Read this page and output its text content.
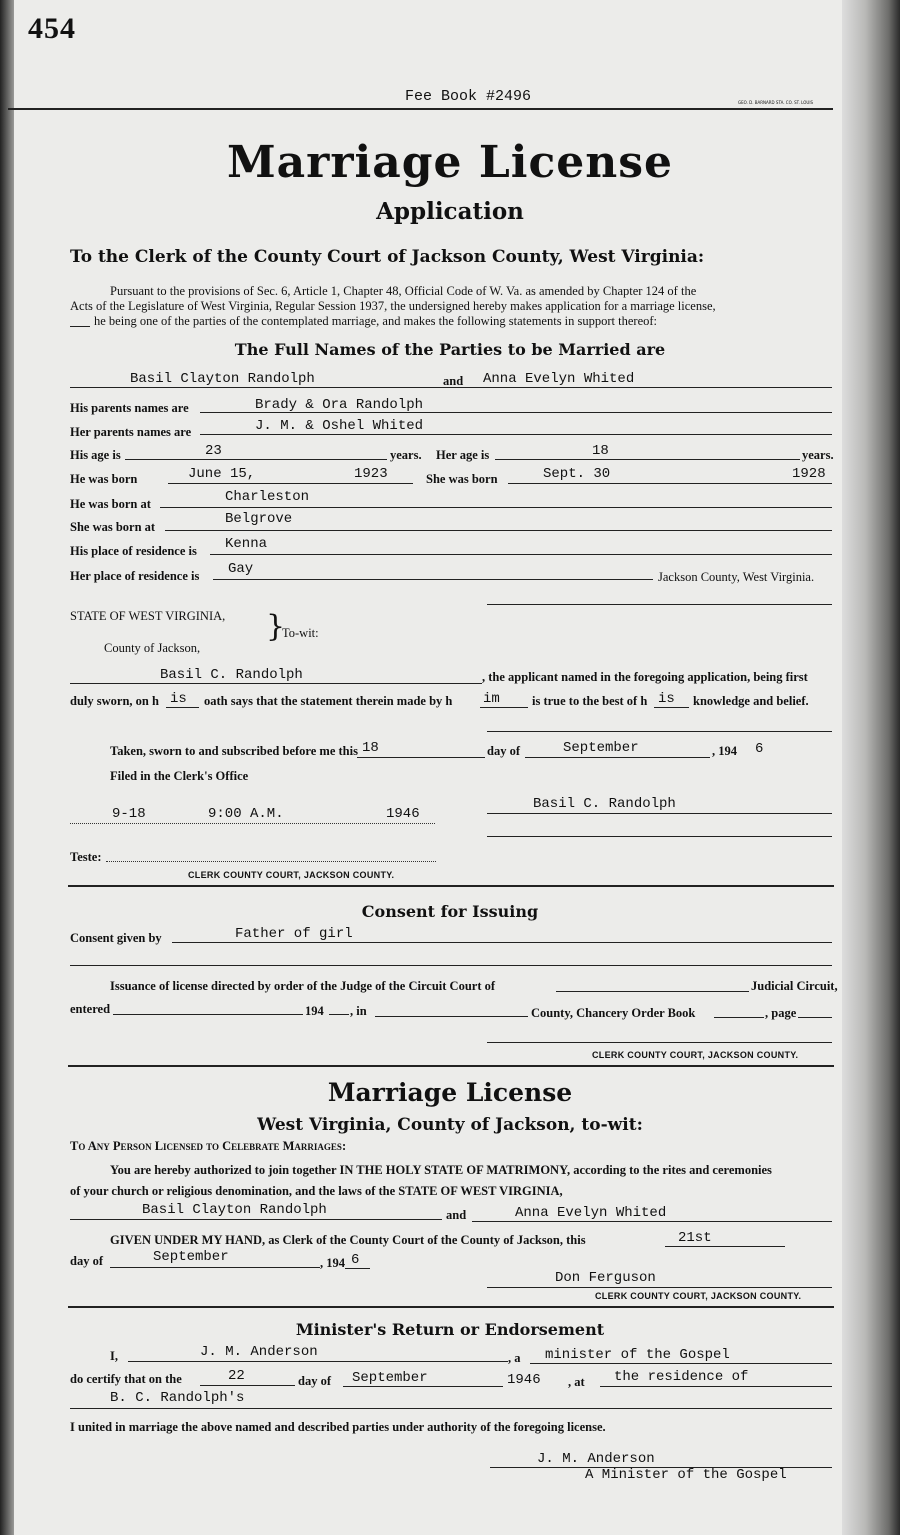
454
Fee Book #2496	GEO. D. BARNARD STA. CO. ST. LOUIS
Marriage License
Application
To the Clerk of the County Court of Jackson County, West Virginia:
Pursuant to the provisions of Sec. 6, Article 1, Chapter 48, Official Code of W. Va. as amended by Chapter 124 of the
Acts of the Legislature of West Virginia, Regular Session 1937, the undersigned hereby makes application for a marriage license,
he being one of the parties of the contemplated marriage, and makes the following statements in support thereof:
The Full Names of the Parties to be Married are
Basil Clayton Randolph	and Anna Evelyn Whited
His parents names are	Brady & Ora Randolph
Her parents names are	J. M. & Oshel Whited
His age is	23	years. Her age is	18	years.
He was born	June 15,	1923	She was born	Sept. 30	1928
He was born at	Charleston
She was born at	Belgrove
His place of residence is Kenna
Her place of residence is Gay	Jackson County, West Virginia.
STATE OF WEST VIRGINIA,
County of Jackson,
}
To-wit:
Basil C. Randolph	, the applicant named in the foregoing application, being first
duly sworn, on h is oath says that the statement therein made by h im	is true to the best of h is knowledge and belief.
Taken, sworn to and subscribed before me this 18	day of	September	, 194 6
Filed in the Clerk's Office
9-18	9:00 A.M.	1946
Basil C. Randolph
Teste:
CLERK COUNTY COURT, JACKSON COUNTY.
Consent for Issuing
Consent given by	Father of girl
Issuance of license directed by order of the Judge of the Circuit Court of	Judicial Circuit,
entered	194 , in	County, Chancery Order Book	, page
CLERK COUNTY COURT, JACKSON COUNTY.
Marriage License
West Virginia, County of Jackson, to-wit:
To Any Person Licensed to Celebrate Marriages:
You are hereby authorized to join together IN THE HOLY STATE OF MATRIMONY, according to the rites and ceremonies
of your church or religious denomination, and the laws of the STATE OF WEST VIRGINIA,
Basil Clayton Randolph	and	Anna Evelyn Whited
GIVEN UNDER MY HAND, as Clerk of the County Court of the County of Jackson, this	21st
day of	September	, 194 6
Don Ferguson
CLERK COUNTY COURT, JACKSON COUNTY.
Minister's Return or Endorsement
I,	J. M. Anderson	, a minister of the Gospel
do certify that on the	22	day of September	1946 , at the residence of
B. C. Randolph's
I united in marriage the above named and described parties under authority of the foregoing license.
J. M. Anderson
A Minister of the Gospel
